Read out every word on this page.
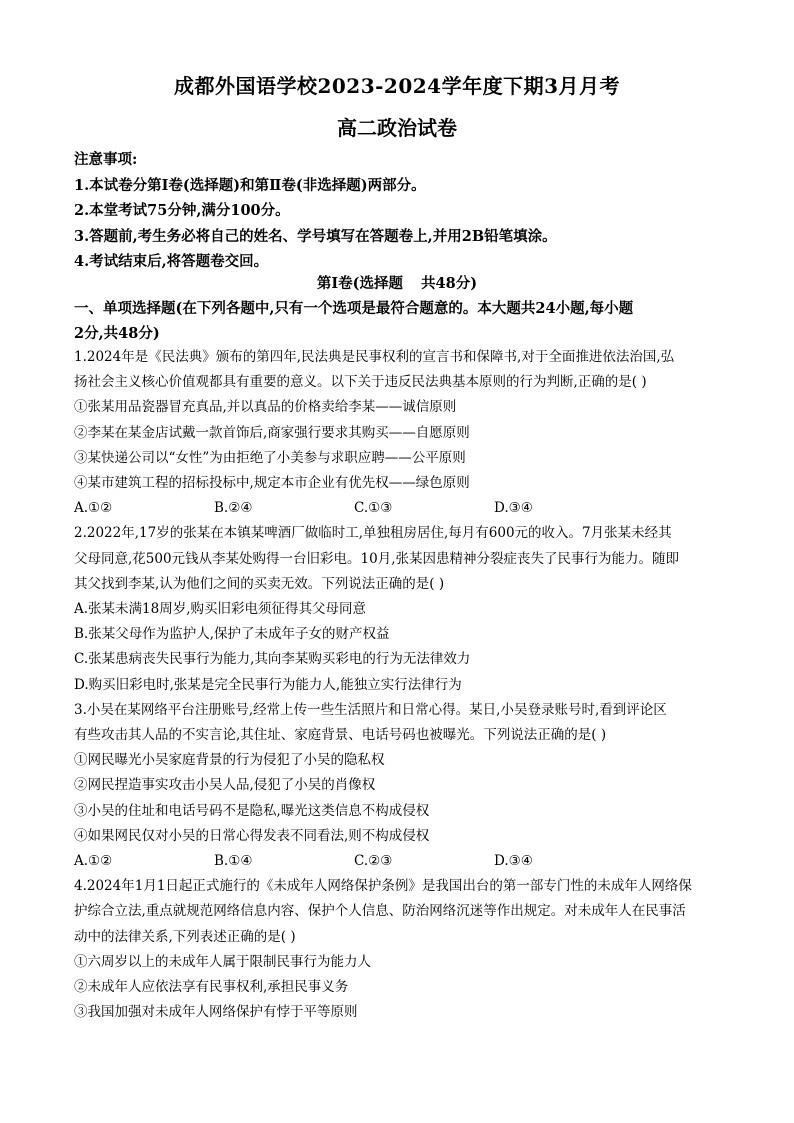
成都外国语学校2023-2024学年度下期3月月考
高二政治试卷
注意事项:
1.本试卷分第Ⅰ卷(选择题)和第Ⅱ卷(非选择题)两部分。
2.本堂考试75分钟,满分100分。
3.答题前,考生务必将自己的姓名、学号填写在答题卷上,并用2B铅笔填涂。
4.考试结束后,将答题卷交回。
第Ⅰ卷(选择题 共48分)
一、单项选择题(在下列各题中,只有一个选项是最符合题意的。本大题共24小题,每小题
2分,共48分)
1.2024年是《民法典》颁布的第四年,民法典是民事权利的宣言书和保障书,对于全面推进依法治国,弘
扬社会主义核心价值观都具有重要的意义。以下关于违反民法典基本原则的行为判断,正确的是( )
①张某用品瓷器冒充真品,并以真品的价格卖给李某——诚信原则
②李某在某金店试戴一款首饰后,商家强行要求其购买——自愿原则
③某快递公司以“女性”为由拒绝了小美参与求职应聘——公平原则
④某市建筑工程的招标投标中,规定本市企业有优先权——绿色原则
A.①②	B.②④	C.①③	D.③④
2.2022年,17岁的张某在本镇某啤酒厂做临时工,单独租房居住,每月有600元的收入。7月张某未经其
父母同意,花500元钱从李某处购得一台旧彩电。10月,张某因患精神分裂症丧失了民事行为能力。随即
其父找到李某,认为他们之间的买卖无效。下列说法正确的是( )
A.张某未满18周岁,购买旧彩电须征得其父母同意
B.张某父母作为监护人,保护了未成年子女的财产权益
C.张某患病丧失民事行为能力,其向李某购买彩电的行为无法律效力
D.购买旧彩电时,张某是完全民事行为能力人,能独立实行法律行为
3.小吴在某网络平台注册账号,经常上传一些生活照片和日常心得。某日,小吴登录账号时,看到评论区
有些攻击其人品的不实言论,其住址、家庭背景、电话号码也被曝光。下列说法正确的是( )
①网民曝光小吴家庭背景的行为侵犯了小吴的隐私权
②网民捏造事实攻击小吴人品,侵犯了小吴的肖像权
③小吴的住址和电话号码不是隐私,曝光这类信息不构成侵权
④如果网民仅对小吴的日常心得发表不同看法,则不构成侵权
A.①②	B.①④	C.②③	D.③④
4.2024年1月1日起正式施行的《未成年人网络保护条例》是我国出台的第一部专门性的未成年人网络保
护综合立法,重点就规范网络信息内容、保护个人信息、防治网络沉迷等作出规定。对未成年人在民事活
动中的法律关系,下列表述正确的是( )
①六周岁以上的未成年人属于限制民事行为能力人
②未成年人应依法享有民事权利,承担民事义务
③我国加强对未成年人网络保护有悖于平等原则
